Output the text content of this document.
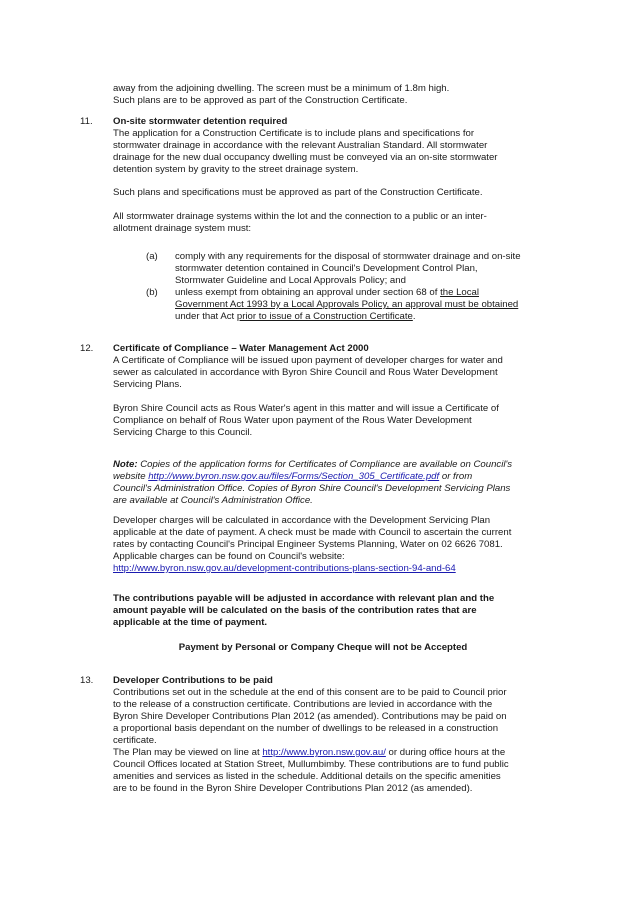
away from the adjoining dwelling. The screen must be a minimum of 1.8m high.
Such plans are to be approved as part of the Construction Certificate.
11. On-site stormwater detention required
The application for a Construction Certificate is to include plans and specifications for
stormwater drainage in accordance with the relevant Australian Standard. All stormwater
drainage for the new dual occupancy dwelling must be conveyed via an on-site stormwater
detention system by gravity to the street drainage system.
Such plans and specifications must be approved as part of the Construction Certificate.
All stormwater drainage systems within the lot and the connection to a public or an inter-
allotment drainage system must:
(a) comply with any requirements for the disposal of stormwater drainage and on-site
stormwater detention contained in Council's Development Control Plan,
Stormwater Guideline and Local Approvals Policy; and
(b) unless exempt from obtaining an approval under section 68 of the Local
Government Act 1993 by a Local Approvals Policy, an approval must be obtained
under that Act prior to issue of a Construction Certificate.
12. Certificate of Compliance – Water Management Act 2000
A Certificate of Compliance will be issued upon payment of developer charges for water and
sewer as calculated in accordance with Byron Shire Council and Rous Water Development
Servicing Plans.
Byron Shire Council acts as Rous Water's agent in this matter and will issue a Certificate of
Compliance on behalf of Rous Water upon payment of the Rous Water Development
Servicing Charge to this Council.
Note: Copies of the application forms for Certificates of Compliance are available on Council's
website http://www.byron.nsw.gov.au/files/Forms/Section_305_Certificate.pdf or from
Council's Administration Office. Copies of Byron Shire Council's Development Servicing Plans
are available at Council's Administration Office.
Developer charges will be calculated in accordance with the Development Servicing Plan
applicable at the date of payment. A check must be made with Council to ascertain the current
rates by contacting Council's Principal Engineer Systems Planning, Water on 02 6626 7081.
Applicable charges can be found on Council's website:
http://www.byron.nsw.gov.au/development-contributions-plans-section-94-and-64
The contributions payable will be adjusted in accordance with relevant plan and the
amount payable will be calculated on the basis of the contribution rates that are
applicable at the time of payment.
Payment by Personal or Company Cheque will not be Accepted
13. Developer Contributions to be paid
Contributions set out in the schedule at the end of this consent are to be paid to Council prior
to the release of a construction certificate. Contributions are levied in accordance with the
Byron Shire Developer Contributions Plan 2012 (as amended). Contributions may be paid on
a proportional basis dependant on the number of dwellings to be released in a construction
certificate.
The Plan may be viewed on line at http://www.byron.nsw.gov.au/ or during office hours at the
Council Offices located at Station Street, Mullumbimby. These contributions are to fund public
amenities and services as listed in the schedule. Additional details on the specific amenities
are to be found in the Byron Shire Developer Contributions Plan 2012 (as amended).
